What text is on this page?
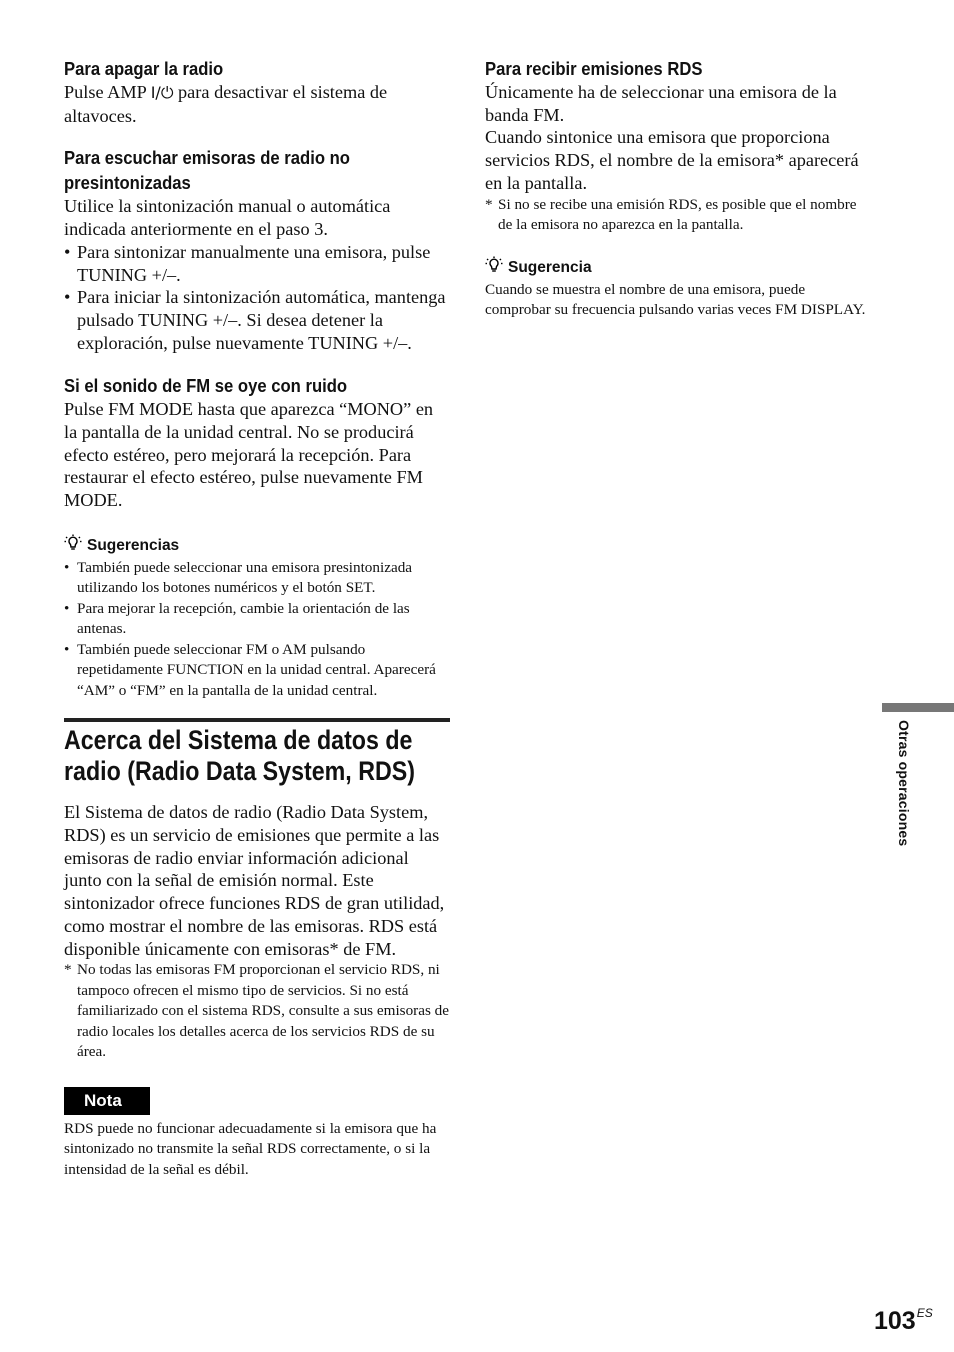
Para apagar la radio

Pulse AMP I/⏻ para desactivar el sistema de altavoces.

Para escuchar emisoras de radio no presintonizadas

Utilice la sintonización manual o automática indicada anteriormente en el paso 3.

• Para sintonizar manualmente una emisora, pulse TUNING +/–.
• Para iniciar la sintonización automática, mantenga pulsado TUNING +/–. Si desea detener la exploración, pulse nuevamente TUNING +/–.
Si el sonido de FM se oye con ruido

Pulse FM MODE hasta que aparezca “MONO” en la pantalla de la unidad central. No se producirá efecto estéreo, pero mejorará la recepción. Para restaurar el efecto estéreo, pulse nuevamente FM MODE.

Sugerencias
• También puede seleccionar una emisora presintonizada utilizando los botones numéricos y el botón SET.
• Para mejorar la recepción, cambie la orientación de las antenas.
• También puede seleccionar FM o AM pulsando repetidamente FUNCTION en la unidad central. Aparecerá “AM” o “FM” en la pantalla de la unidad central.
Acerca del Sistema de datos de radio (Radio Data System, RDS)

El Sistema de datos de radio (Radio Data System, RDS) es un servicio de emisiones que permite a las emisoras de radio enviar información adicional junto con la señal de emisión normal. Este sintonizador ofrece funciones RDS de gran utilidad, como mostrar el nombre de las emisoras. RDS está disponible únicamente con emisoras* de FM.

* No todas las emisoras FM proporcionan el servicio RDS, ni tampoco ofrecen el mismo tipo de servicios. Si no está familiarizado con el sistema RDS, consulte a sus emisoras de radio locales los detalles acerca de los servicios RDS de su área.

Nota

RDS puede no funcionar adecuadamente si la emisora que ha sintonizado no transmite la señal RDS correctamente, o si la intensidad de la señal es débil.

Para recibir emisiones RDS

Únicamente ha de seleccionar una emisora de la banda FM.
Cuando sintonice una emisora que proporciona servicios RDS, el nombre de la emisora* aparecerá en la pantalla.

* Si no se recibe una emisión RDS, es posible que el nombre de la emisora no aparezca en la pantalla.

Sugerencia

Cuando se muestra el nombre de una emisora, puede comprobar su frecuencia pulsando varias veces FM DISPLAY.

Otras operaciones
$103^{ES}$
